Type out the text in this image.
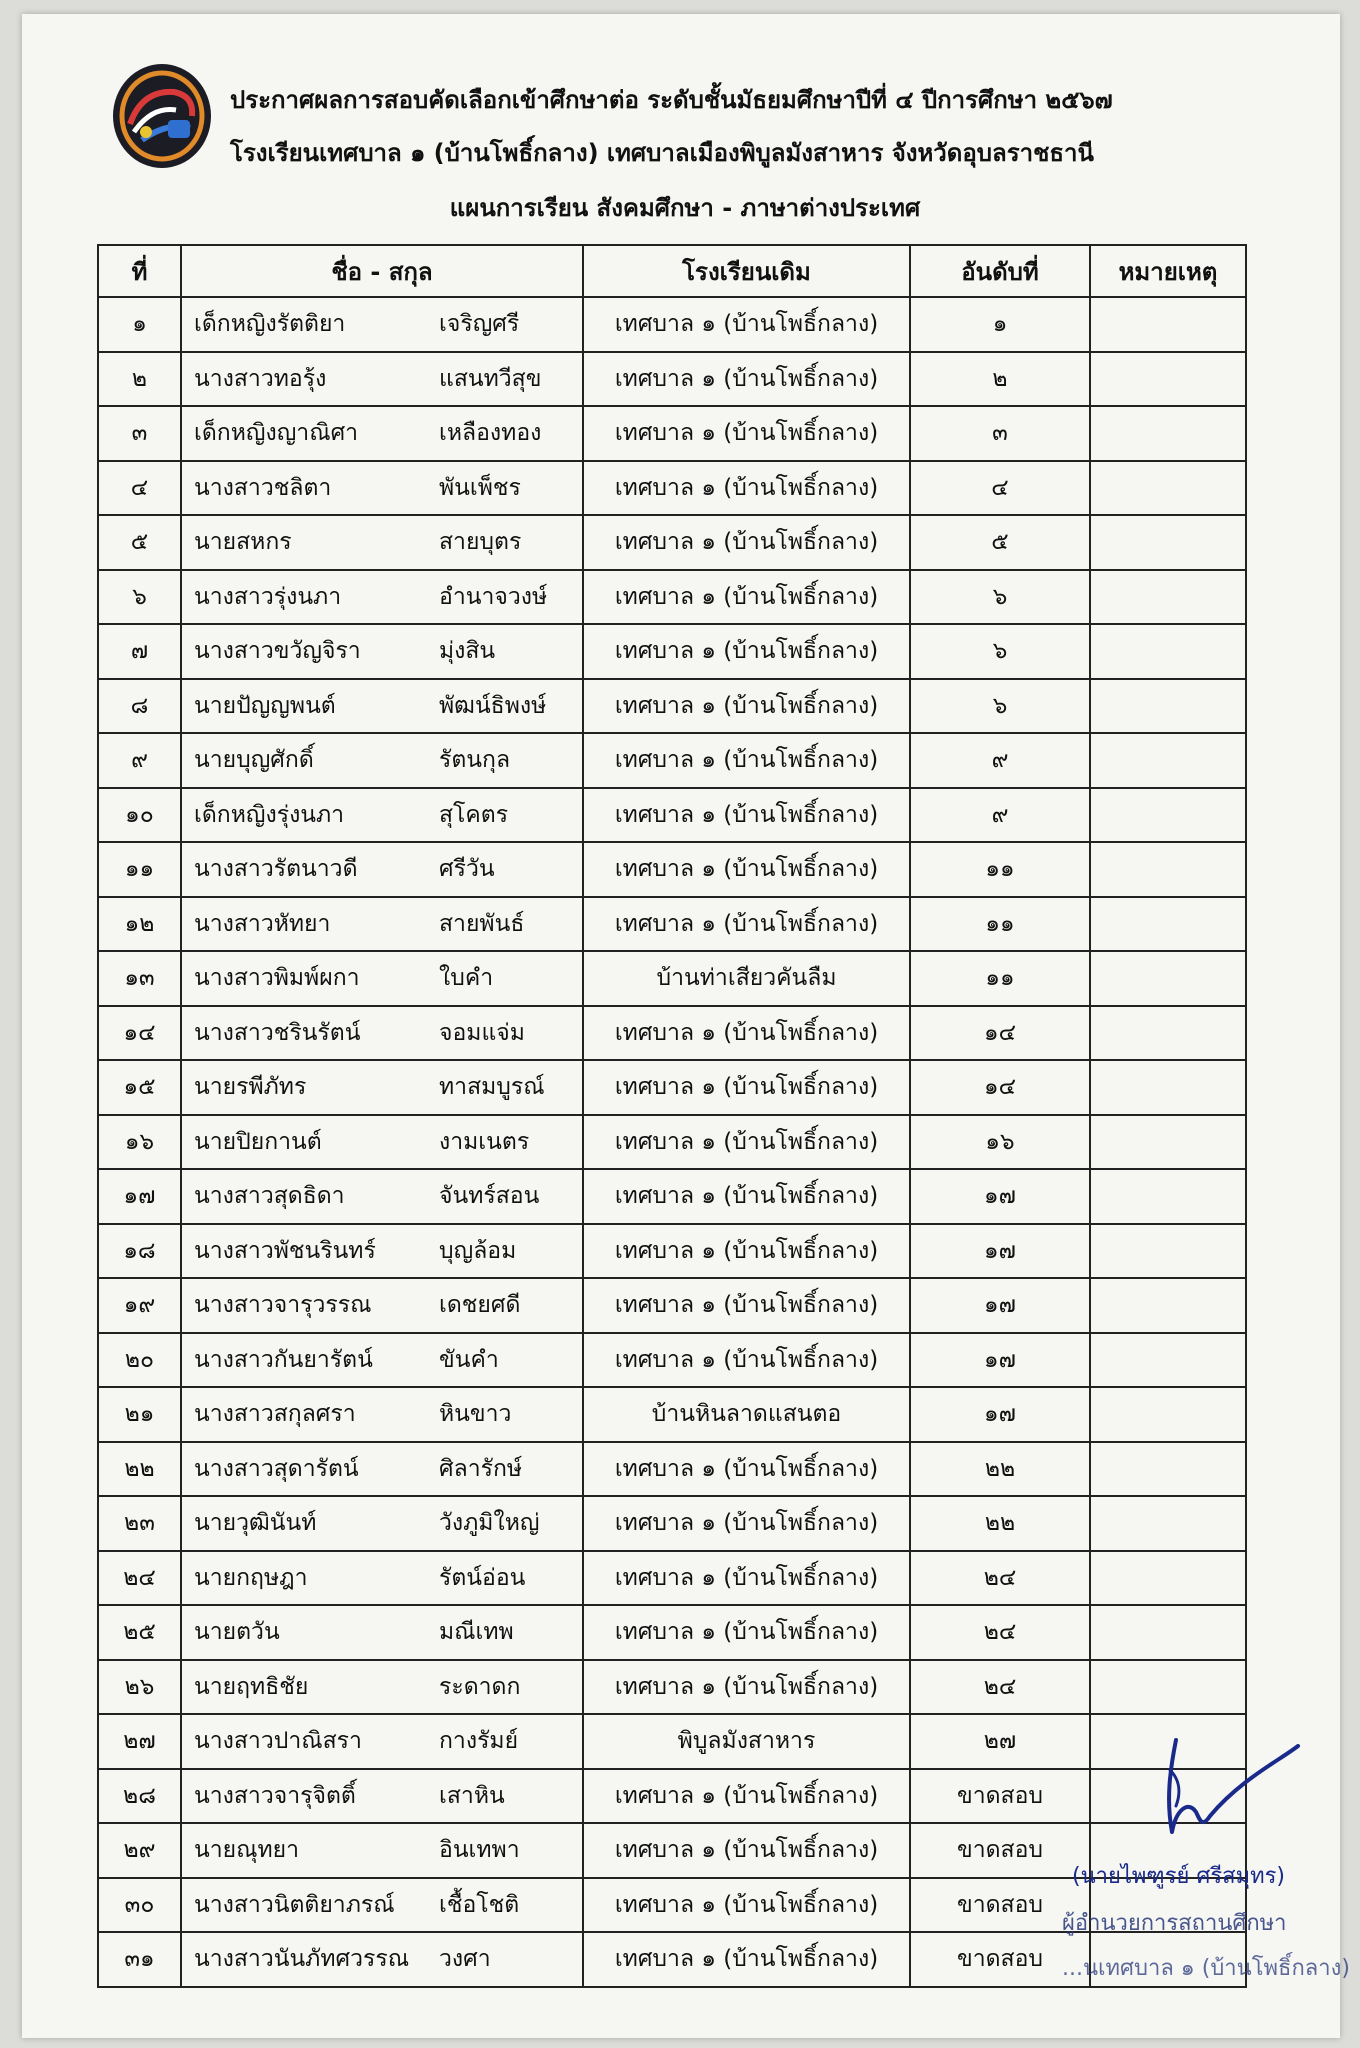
ประกาศผลการสอบคัดเลือกเข้าศึกษาต่อ ระดับชั้นมัธยมศึกษาปีที่ ๔ ปีการศึกษา ๒๕๖๗
โรงเรียนเทศบาล ๑ (บ้านโพธิ์กลาง) เทศบาลเมืองพิบูลมังสาหาร จังหวัดอุบลราชธานี
แผนการเรียน สังคมศึกษา - ภาษาต่างประเทศ
ที่	ชื่อ - สกุล	โรงเรียนเดิม	อันดับที่	หมายเหตุ
๑	เด็กหญิงรัตติยา เจริญศรี	เทศบาล ๑ (บ้านโพธิ์กลาง)	๑	
๒	นางสาวทอรุ้ง แสนทวีสุข	เทศบาล ๑ (บ้านโพธิ์กลาง)	๒	
๓	เด็กหญิงญาณิศา เหลืองทอง	เทศบาล ๑ (บ้านโพธิ์กลาง)	๓	
๔	นางสาวชลิตา พันเพ็ชร	เทศบาล ๑ (บ้านโพธิ์กลาง)	๔	
๕	นายสหกร สายบุตร	เทศบาล ๑ (บ้านโพธิ์กลาง)	๕	
๖	นางสาวรุ่งนภา อำนาจวงษ์	เทศบาล ๑ (บ้านโพธิ์กลาง)	๖	
๗	นางสาวขวัญจิรา มุ่งสิน	เทศบาล ๑ (บ้านโพธิ์กลาง)	๖	
๘	นายปัญญพนต์ พัฒน์ธิพงษ์	เทศบาล ๑ (บ้านโพธิ์กลาง)	๖	
๙	นายบุญศักดิ์ รัตนกุล	เทศบาล ๑ (บ้านโพธิ์กลาง)	๙	
๑๐	เด็กหญิงรุ่งนภา สุโคตร	เทศบาล ๑ (บ้านโพธิ์กลาง)	๙	
๑๑	นางสาวรัตนาวดี ศรีวัน	เทศบาล ๑ (บ้านโพธิ์กลาง)	๑๑	
๑๒	นางสาวหัทยา สายพันธ์	เทศบาล ๑ (บ้านโพธิ์กลาง)	๑๑	
๑๓	นางสาวพิมพ์ผกา ใบคำ	บ้านท่าเสียวคันลืม	๑๑	
๑๔	นางสาวชรินรัตน์ จอมแจ่ม	เทศบาล ๑ (บ้านโพธิ์กลาง)	๑๔	
๑๕	นายรพีภัทร ทาสมบูรณ์	เทศบาล ๑ (บ้านโพธิ์กลาง)	๑๔	
๑๖	นายปิยกานต์ งามเนตร	เทศบาล ๑ (บ้านโพธิ์กลาง)	๑๖	
๑๗	นางสาวสุดธิดา จันทร์สอน	เทศบาล ๑ (บ้านโพธิ์กลาง)	๑๗	
๑๘	นางสาวพัชนรินทร์ บุญล้อม	เทศบาล ๑ (บ้านโพธิ์กลาง)	๑๗	
๑๙	นางสาวจารุวรรณ เดชยศดี	เทศบาล ๑ (บ้านโพธิ์กลาง)	๑๗	
๒๐	นางสาวกันยารัตน์ ขันคำ	เทศบาล ๑ (บ้านโพธิ์กลาง)	๑๗	
๒๑	นางสาวสกุลศรา หินขาว	บ้านหินลาดแสนตอ	๑๗	
๒๒	นางสาวสุดารัตน์ ศิลารักษ์	เทศบาล ๑ (บ้านโพธิ์กลาง)	๒๒	
๒๓	นายวุฒินันท์ วังภูมิใหญ่	เทศบาล ๑ (บ้านโพธิ์กลาง)	๒๒	
๒๔	นายกฤษฎา รัตน์อ่อน	เทศบาล ๑ (บ้านโพธิ์กลาง)	๒๔	
๒๕	นายตวัน มณีเทพ	เทศบาล ๑ (บ้านโพธิ์กลาง)	๒๔	
๒๖	นายฤทธิชัย ระดาดก	เทศบาล ๑ (บ้านโพธิ์กลาง)	๒๔	
๒๗	นางสาวปาณิสรา กางรัมย์	พิบูลมังสาหาร	๒๗	
๒๘	นางสาวจารุจิตติ์ เสาหิน	เทศบาล ๑ (บ้านโพธิ์กลาง)	ขาดสอบ	
๒๙	นายณุทยา อินเทพา	เทศบาล ๑ (บ้านโพธิ์กลาง)	ขาดสอบ	
๓๐	นางสาวนิตติยาภรณ์ เชื้อโชติ	เทศบาล ๑ (บ้านโพธิ์กลาง)	ขาดสอบ	
๓๑	นางสาวนันภัทศวรรณ วงศา	เทศบาล ๑ (บ้านโพธิ์กลาง)	ขาดสอบ	
(นายไพฑูรย์ ศรีสมุทร)
ผู้อำนวยการสถานศึกษา
...นเทศบาล ๑ (บ้านโพธิ์กลาง)
